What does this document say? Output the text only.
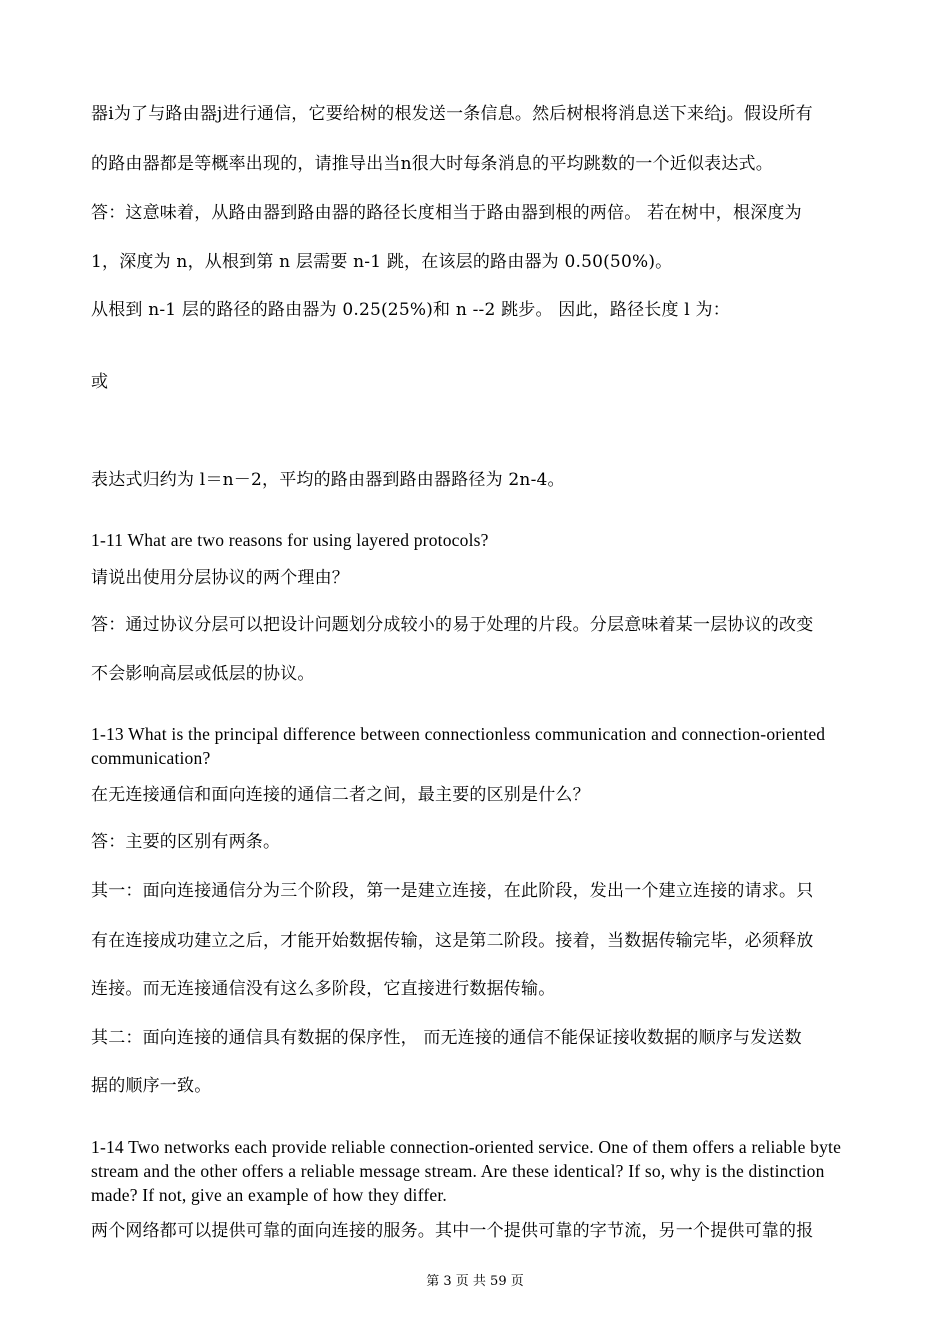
器i为了与路由器j进行通信，它要给树的根发送一条信息。然后树根将消息送下来给j。假设所有
的路由器都是等概率出现的，请推导出当n很大时每条消息的平均跳数的一个近似表达式。
答：这意味着，从路由器到路由器的路径长度相当于路由器到根的两倍。 若在树中，根深度为
1，深度为 n，从根到第 n 层需要 n-1 跳，在该层的路由器为 0.50(50%)。
从根到 n-1 层的路径的路由器为 0.25(25%)和 n --2 跳步。 因此，路径长度 l 为：
或
表达式归约为 l＝n－2，平均的路由器到路由器路径为 2n-4。
1-11 What are two reasons for using layered protocols?
请说出使用分层协议的两个理由？
答：通过协议分层可以把设计问题划分成较小的易于处理的片段。分层意味着某一层协议的改变
不会影响高层或低层的协议。
1-13 What is the principal difference between connectionless communication and connection-oriented communication?
在无连接通信和面向连接的通信二者之间，最主要的区别是什么？
答：主要的区别有两条。
其一：面向连接通信分为三个阶段，第一是建立连接，在此阶段，发出一个建立连接的请求。只
有在连接成功建立之后，才能开始数据传输，这是第二阶段。接着，当数据传输完毕，必须释放
连接。而无连接通信没有这么多阶段，它直接进行数据传输。
其二：面向连接的通信具有数据的保序性， 而无连接的通信不能保证接收数据的顺序与发送数
据的顺序一致。
1-14 Two networks each provide reliable connection-oriented service. One of them offers a reliable byte stream and the other offers a reliable message stream. Are these identical? If so, why is the distinction made? If not, give an example of how they differ.
两个网络都可以提供可靠的面向连接的服务。其中一个提供可靠的字节流，另一个提供可靠的报
第 3 页 共 59 页
